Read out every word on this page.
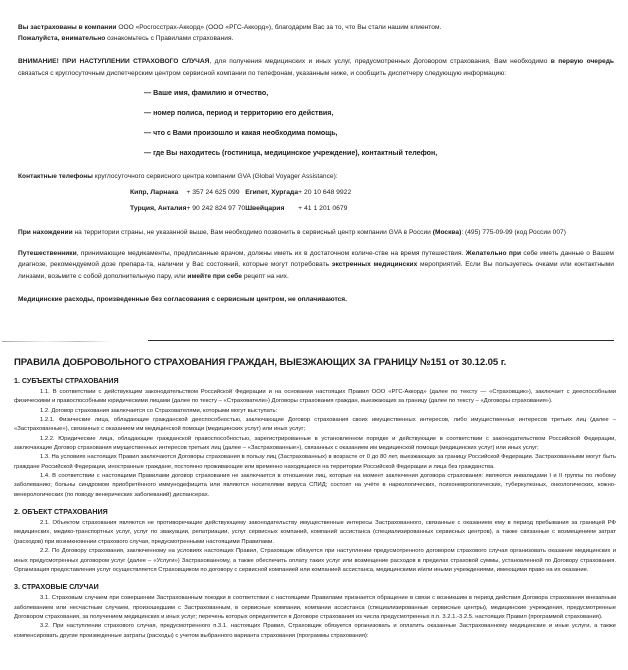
Вы застрахованы в компании ООО «Росгосстрах-Аккорд» (ООО «РГС-Аккорд»), благодарим Вас за то, что Вы стали нашим клиентом.

Пожалуйста, внимательно ознакомьтесь с Правилами страхования.

ВНИМАНИЕ! ПРИ НАСТУПЛЕНИИ СТРАХОВОГО СЛУЧАЯ, для получения медицинских и иных услуг, предусмотренных Договором страхования, Вам необходимо в первую очередь связаться с круглосуточным диспетчерским центром сервисной компании по телефонам, указанным ниже, и сообщить диспетчеру следующую информацию:

— Ваше имя, фамилию и отчество,
— номер полиса, период и территорию его действия,
— что с Вами произошло и какая необходима помощь,
— где Вы находитесь (гостиница, медицинское учреждение), контактный телефон,

Контактные телефоны круглосуточного сервисного центра компании GVA (Global Voyager Assistance):

Кипр, Ларнака	+ 357 24 625 099	Египет, Хургада	+ 20 10 648 9922
Турция, Анталия	+ 90 242 824 97 70	Швейцария	+ 41 1 201 0679

При нахождении на территории страны, не указанной выше, Вам необходимо позвонить в сервисный центр компании GVA в России (Москва): (495) 775-09-99 (код России 007)

Путешественники, принимающие медикаменты, предписанные врачом, должны иметь их в достаточном количе-стве на время путешествия. Желательно при себе иметь данные о Вашем диагнозе, рекомендуемой дозе препара-та, наличии у Вас состояний, которые могут потребовать экстренных медицинских мероприятий. Если Вы пользуетесь очками или контактными линзами, возьмите с собой дополнительную пару, или имейте при себе рецепт на них.

Медицинские расходы, произведенные без согласования с сервисным центром, не оплачиваются.

ПРАВИЛА ДОБРОВОЛЬНОГО СТРАХОВАНИЯ ГРАЖДАН, ВЫЕЗЖАЮЩИХ ЗА ГРАНИЦУ №151 от 30.12.05 г.
1. СУБЪЕКТЫ СТРАХОВАНИЯ

1.1. В соответствии с действующим законодательством Российской Федерации и на основании настоящих Правил ООО «РГС-Аккорд» (далее по тексту — «Страховщик»), заключает с дееспособными физическими и правоспособными юридическими лицами (далее по тексту – «Страхователи») Договоры страхования граждан, выезжающих за границу (далее по тексту – «Договоры страхования»).

1.2. Договор страхования заключается со Страхователями, которыми могут выступать:

1.2.1. Физические лица, обладающие гражданской дееспособностью, заключающие Договор страхования своих имущественных интересов, либо имущественных интересов третьих лиц (далее – «Застрахованные»), связанных с оказанием им медицинской помощи (медицинских услуг) или иных услуг;

1.2.2. Юридические лица, обладающие гражданской правоспособностью, зарегистрированные в установленном порядке и действующие в соответствии с законодательством Российской Федерации, заключающие Договор страхования имущественных интересов третьих лиц (далее – «Застрахованные»), связанных с оказанием им медицинской помощи (медицинских услуг) или иных услуг;

1.3. На условиях настоящих Правил заключаются Договоры страхования в пользу лиц (Застрахованных) в возрасте от 0 до 80 лет, выезжающих за границу Российской Федерации. Застрахованными могут быть граждане Российской Федерации, иностранные граждане, постоянно проживающие или временно находящиеся на территории Российской Федерации и лица без гражданства.

1.4. В соответствии с настоящими Правилами договор страхования не заключается в отношении лиц, которые на момент заключения договора страхования: являются инвалидами I и II группы по любому заболеванию; больны синдромом приобретённого иммунодефицита или являются носителями вируса СПИД; состоят на учёте в наркологических, психоневрологических, туберкулезных, онкологических, кожно-венерологических (по поводу венерических заболеваний) диспансерах.

2. ОБЪЕКТ СТРАХОВАНИЯ

2.1. Объектом страхования являются не противоречащие действующему законодательству имущественные интересы Застрахованного, связанные с оказанием ему в период пребывания за границей РФ медицинских, медико-транспортных услуг, услуг по эвакуации, репатриации, услуг сервисных компаний, компаний ассистанса (специализированных сервисных центров), а также связанные с возмещением затрат (расходов) при возникновении страхового случая, предусмотренными настоящими Правилами.

2.2. По Договору страхования, заключенному на условиях настоящих Правил, Страховщик обязуется при наступлении предусмотренного договором страхового случая организовать оказание медицинских и иных предусмотренных договором услуг (далее – «Услуги») Застрахованному, а также обеспечить оплату таких услуг или возмещение расходов в пределах страховой суммы, установленной по Договору страхования. Организация предоставления услуг осуществляется Страховщиком по договору с сервисной компанией или компанией ассистанса, медицинскими и/или иными учреждениями, имеющими право на их оказание.

3. СТРАХОВЫЕ СЛУЧАИ

3.1. Страховым случаем при совершении Застрахованным поездки в соответствии с настоящими Правилами признается обращение в связи с возникшим в период действия Договора страхования внезапным заболеванием или несчастным случаем, произошедшим с Застрахованным, в сервисные компании, компании ассистанса (специализированные сервисные центры), медицинские учреждения, предусмотренные Договором страхования, за получением медицинских и иных услуг; перечень которых определяется в Договоре страхования из числа предусмотренных п.п. 3.2.1.-3.2.5. настоящих Правил (программой страхования).

3.2. При наступлении страхового случая, предусмотренного п.3.1. настоящих Правил, Страховщик обязуется организовать и оплатить оказанные Застрахованному медицинские и иные услуги, а также компенсировать другие произведенные затраты (расходы) с учетом выбранного варианта страхования (программы страхования):
